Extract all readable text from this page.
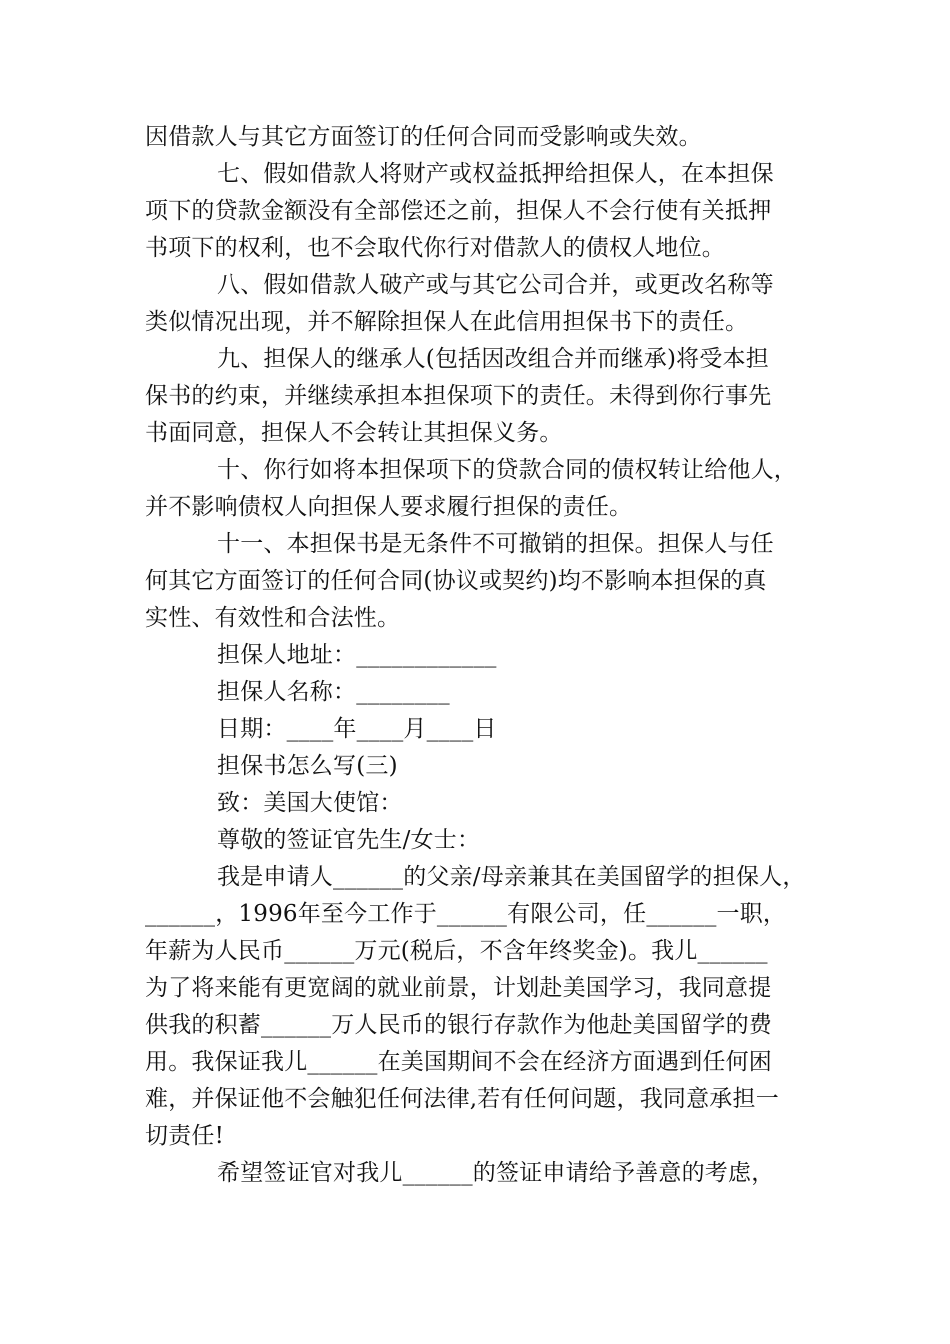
因借款人与其它方面签订的任何合同而受影响或失效。
七、假如借款人将财产或权益抵押给担保人，在本担保
项下的贷款金额没有全部偿还之前，担保人不会行使有关抵押
书项下的权利，也不会取代你行对借款人的债权人地位。
八、假如借款人破产或与其它公司合并，或更改名称等
类似情况出现，并不解除担保人在此信用担保书下的责任。
九、担保人的继承人(包括因改组合并而继承)将受本担
保书的约束，并继续承担本担保项下的责任。未得到你行事先
书面同意，担保人不会转让其担保义务。
十、你行如将本担保项下的贷款合同的债权转让给他人，
并不影响债权人向担保人要求履行担保的责任。
十一、本担保书是无条件不可撤销的担保。担保人与任
何其它方面签订的任何合同(协议或契约)均不影响本担保的真
实性、有效性和合法性。
担保人地址：____________
担保人名称：________
日期：____年____月____日
担保书怎么写(三)
致：美国大使馆：
尊敬的签证官先生/女士：
我是申请人______的父亲/母亲兼其在美国留学的担保人，
______，1996年至今工作于______有限公司，任______一职，
年薪为人民币______万元(税后，不含年终奖金)。我儿______
为了将来能有更宽阔的就业前景，计划赴美国学习，我同意提
供我的积蓄______万人民币的银行存款作为他赴美国留学的费
用。我保证我儿______在美国期间不会在经济方面遇到任何困
难，并保证他不会触犯任何法律,若有任何问题，我同意承担一
切责任!
希望签证官对我儿______的签证申请给予善意的考虑，
